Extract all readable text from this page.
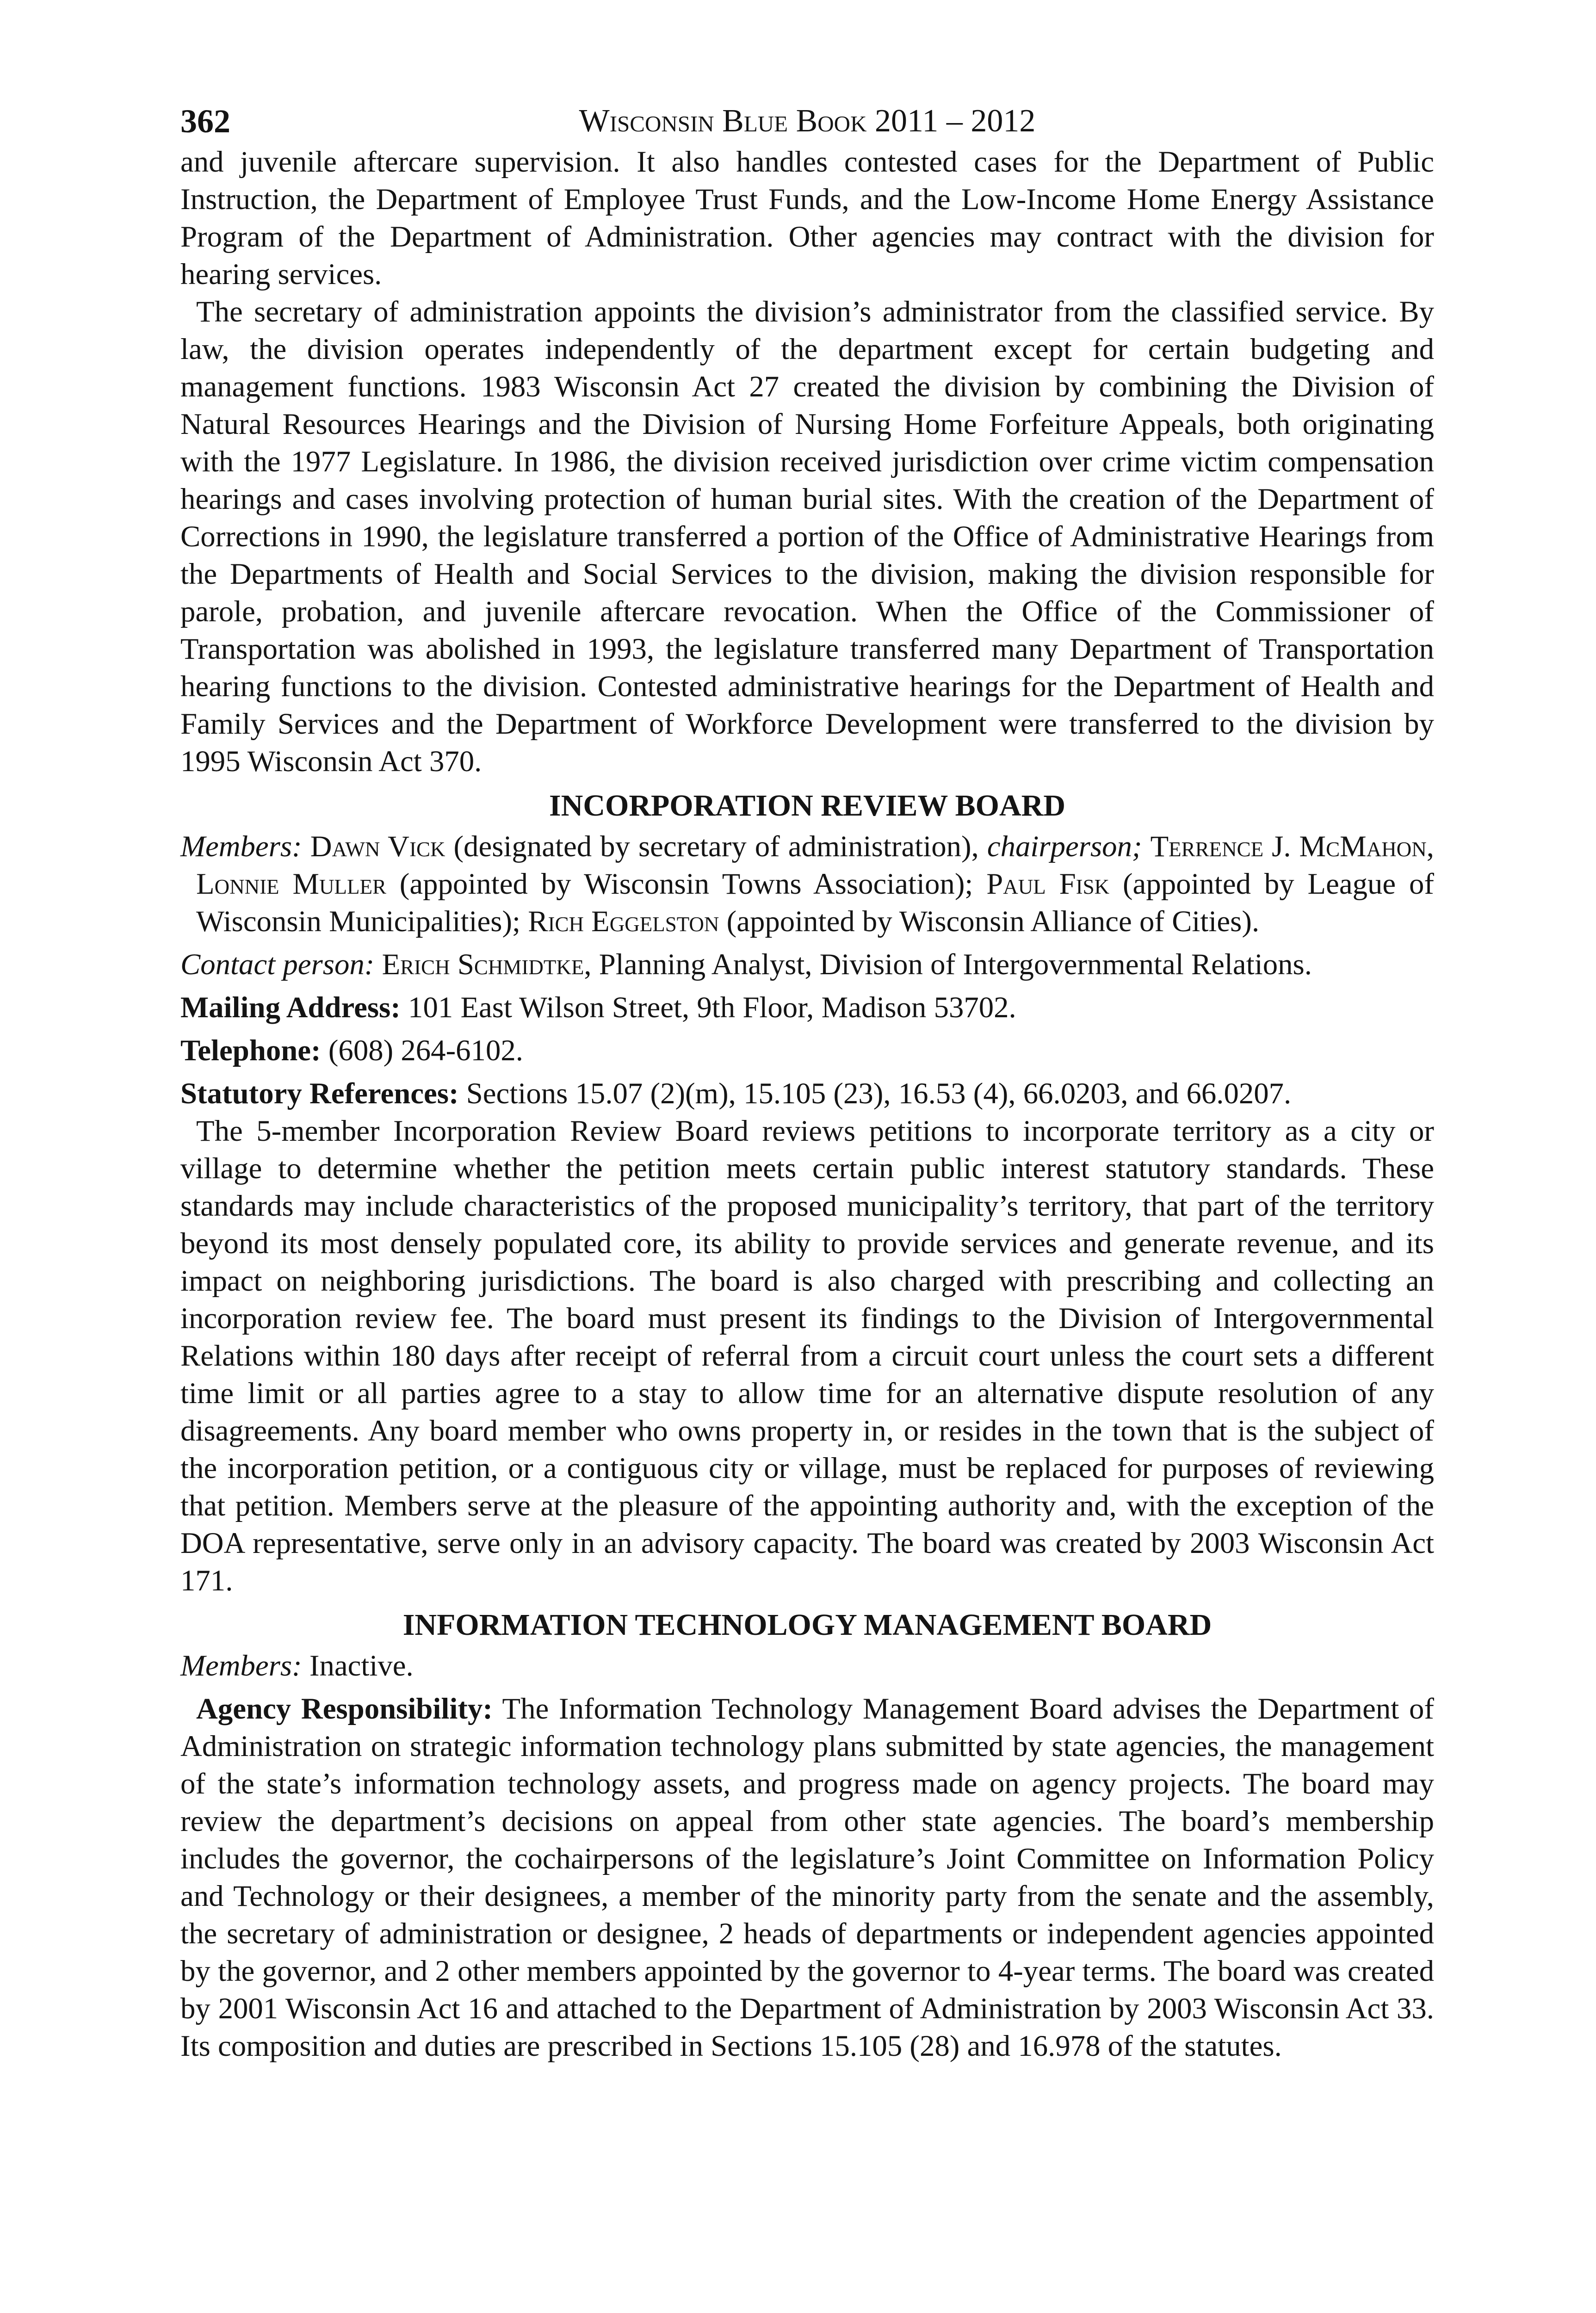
362	Wisconsin Blue Book 2011 – 2012

and juvenile aftercare supervision. It also handles contested cases for the Department of Public Instruction, the Department of Employee Trust Funds, and the Low-Income Home Energy Assistance Program of the Department of Administration. Other agencies may contract with the division for hearing services.

The secretary of administration appoints the division’s administrator from the classified service. By law, the division operates independently of the department except for certain budgeting and management functions. 1983 Wisconsin Act 27 created the division by combining the Division of Natural Resources Hearings and the Division of Nursing Home Forfeiture Appeals, both originating with the 1977 Legislature. In 1986, the division received jurisdiction over crime victim compensation hearings and cases involving protection of human burial sites. With the creation of the Department of Corrections in 1990, the legislature transferred a portion of the Office of Administrative Hearings from the Departments of Health and Social Services to the division, making the division responsible for parole, probation, and juvenile aftercare revocation. When the Office of the Commissioner of Transportation was abolished in 1993, the legislature transferred many Department of Transportation hearing functions to the division. Contested administrative hearings for the Department of Health and Family Services and the Department of Workforce Development were transferred to the division by 1995 Wisconsin Act 370.

INCORPORATION REVIEW BOARD

Members: Dawn Vick (designated by secretary of administration), chairperson; Terrence J. McMahon, Lonnie Muller (appointed by Wisconsin Towns Association); Paul Fisk (appointed by League of Wisconsin Municipalities); Rich Eggelston (appointed by Wisconsin Alliance of Cities).

Contact person: Erich Schmidtke, Planning Analyst, Division of Intergovernmental Relations.

Mailing Address: 101 East Wilson Street, 9th Floor, Madison 53702.

Telephone: (608) 264-6102.

Statutory References: Sections 15.07 (2)(m), 15.105 (23), 16.53 (4), 66.0203, and 66.0207.

The 5-member Incorporation Review Board reviews petitions to incorporate territory as a city or village to determine whether the petition meets certain public interest statutory standards. These standards may include characteristics of the proposed municipality’s territory, that part of the territory beyond its most densely populated core, its ability to provide services and generate revenue, and its impact on neighboring jurisdictions. The board is also charged with prescribing and collecting an incorporation review fee. The board must present its findings to the Division of Intergovernmental Relations within 180 days after receipt of referral from a circuit court unless the court sets a different time limit or all parties agree to a stay to allow time for an alternative dispute resolution of any disagreements. Any board member who owns property in, or resides in the town that is the subject of the incorporation petition, or a contiguous city or village, must be replaced for purposes of reviewing that petition. Members serve at the pleasure of the appointing authority and, with the exception of the DOA representative, serve only in an advisory capacity. The board was created by 2003 Wisconsin Act 171.

INFORMATION TECHNOLOGY MANAGEMENT BOARD

Members: Inactive.

Agency Responsibility: The Information Technology Management Board advises the Department of Administration on strategic information technology plans submitted by state agencies, the management of the state’s information technology assets, and progress made on agency projects. The board may review the department’s decisions on appeal from other state agencies. The board’s membership includes the governor, the cochairpersons of the legislature’s Joint Committee on Information Policy and Technology or their designees, a member of the minority party from the senate and the assembly, the secretary of administration or designee, 2 heads of departments or independent agencies appointed by the governor, and 2 other members appointed by the governor to 4-year terms. The board was created by 2001 Wisconsin Act 16 and attached to the Department of Administration by 2003 Wisconsin Act 33. Its composition and duties are prescribed in Sections 15.105 (28) and 16.978 of the statutes.
